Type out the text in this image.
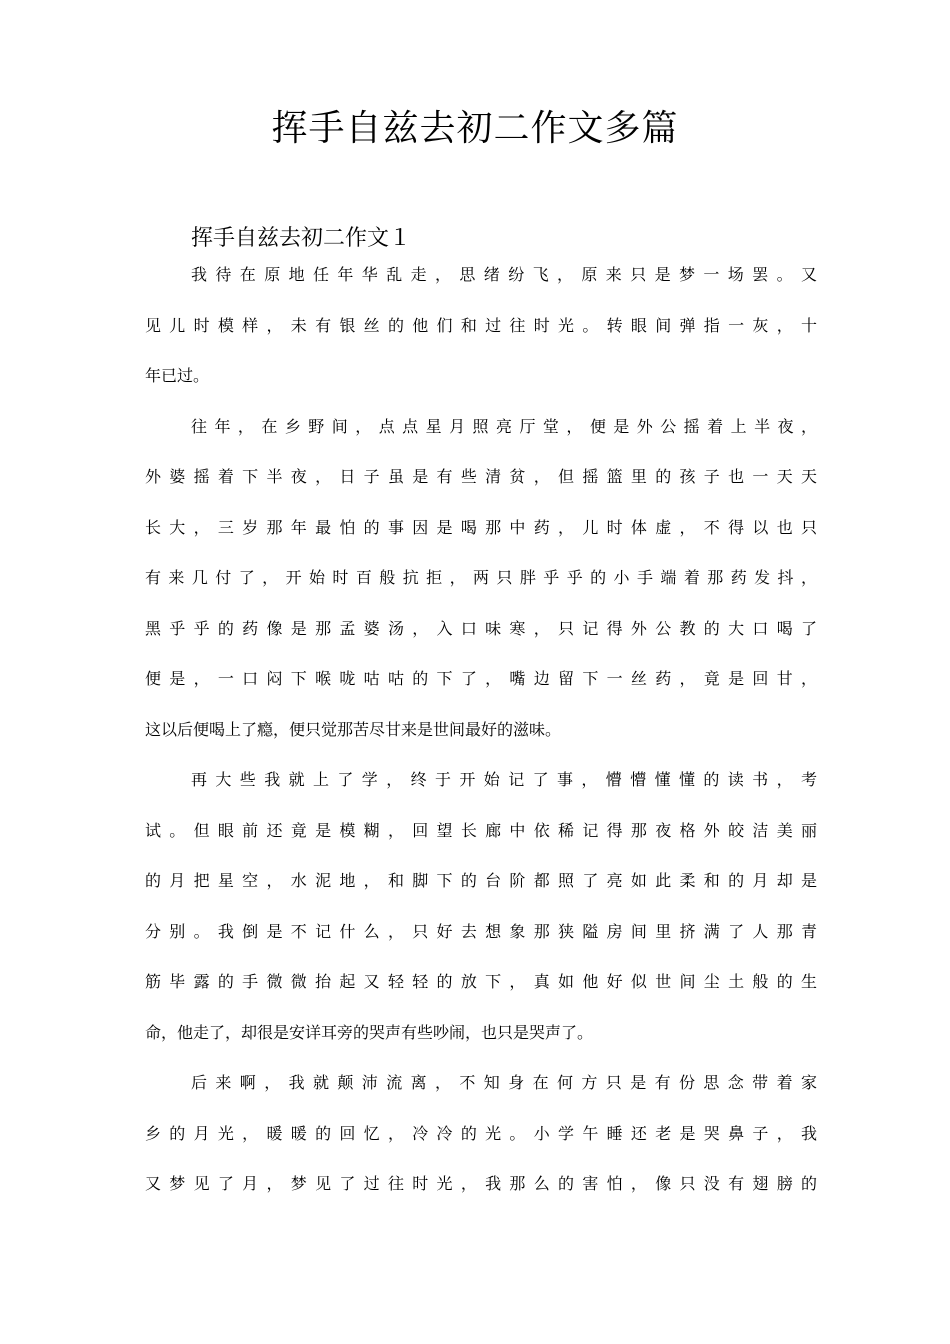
挥手自兹去初二作文多篇
挥手自兹去初二作文１
我待在原地任年华乱走，思绪纷飞，原来只是梦一场罢。又
见儿时模样，未有银丝的他们和过往时光。转眼间弹指一灰，十
年已过。
往年，在乡野间，点点星月照亮厅堂，便是外公摇着上半夜，
外婆摇着下半夜，日子虽是有些清贫，但摇篮里的孩子也一天天
长大，三岁那年最怕的事因是喝那中药，儿时体虚，不得以也只
有来几付了，开始时百般抗拒，两只胖乎乎的小手端着那药发抖，
黑乎乎的药像是那孟婆汤，入口味寒，只记得外公教的大口喝了
便是，一口闷下喉咙咕咕的下了，嘴边留下一丝药，竟是回甘，
这以后便喝上了瘾，便只觉那苦尽甘来是世间最好的滋味。
再大些我就上了学，终于开始记了事，懵懵懂懂的读书，考
试。但眼前还竟是模糊，回望长廊中依稀记得那夜格外皎洁美丽
的月把星空，水泥地，和脚下的台阶都照了亮如此柔和的月却是
分别。我倒是不记什么，只好去想象那狭隘房间里挤满了人那青
筋毕露的手微微抬起又轻轻的放下，真如他好似世间尘土般的生
命，他走了，却很是安详耳旁的哭声有些吵闹，也只是哭声了。
后来啊，我就颠沛流离，不知身在何方只是有份思念带着家
乡的月光，暖暖的回忆，冷冷的光。小学午睡还老是哭鼻子，我
又梦见了月，梦见了过往时光，我那么的害怕，像只没有翅膀的
